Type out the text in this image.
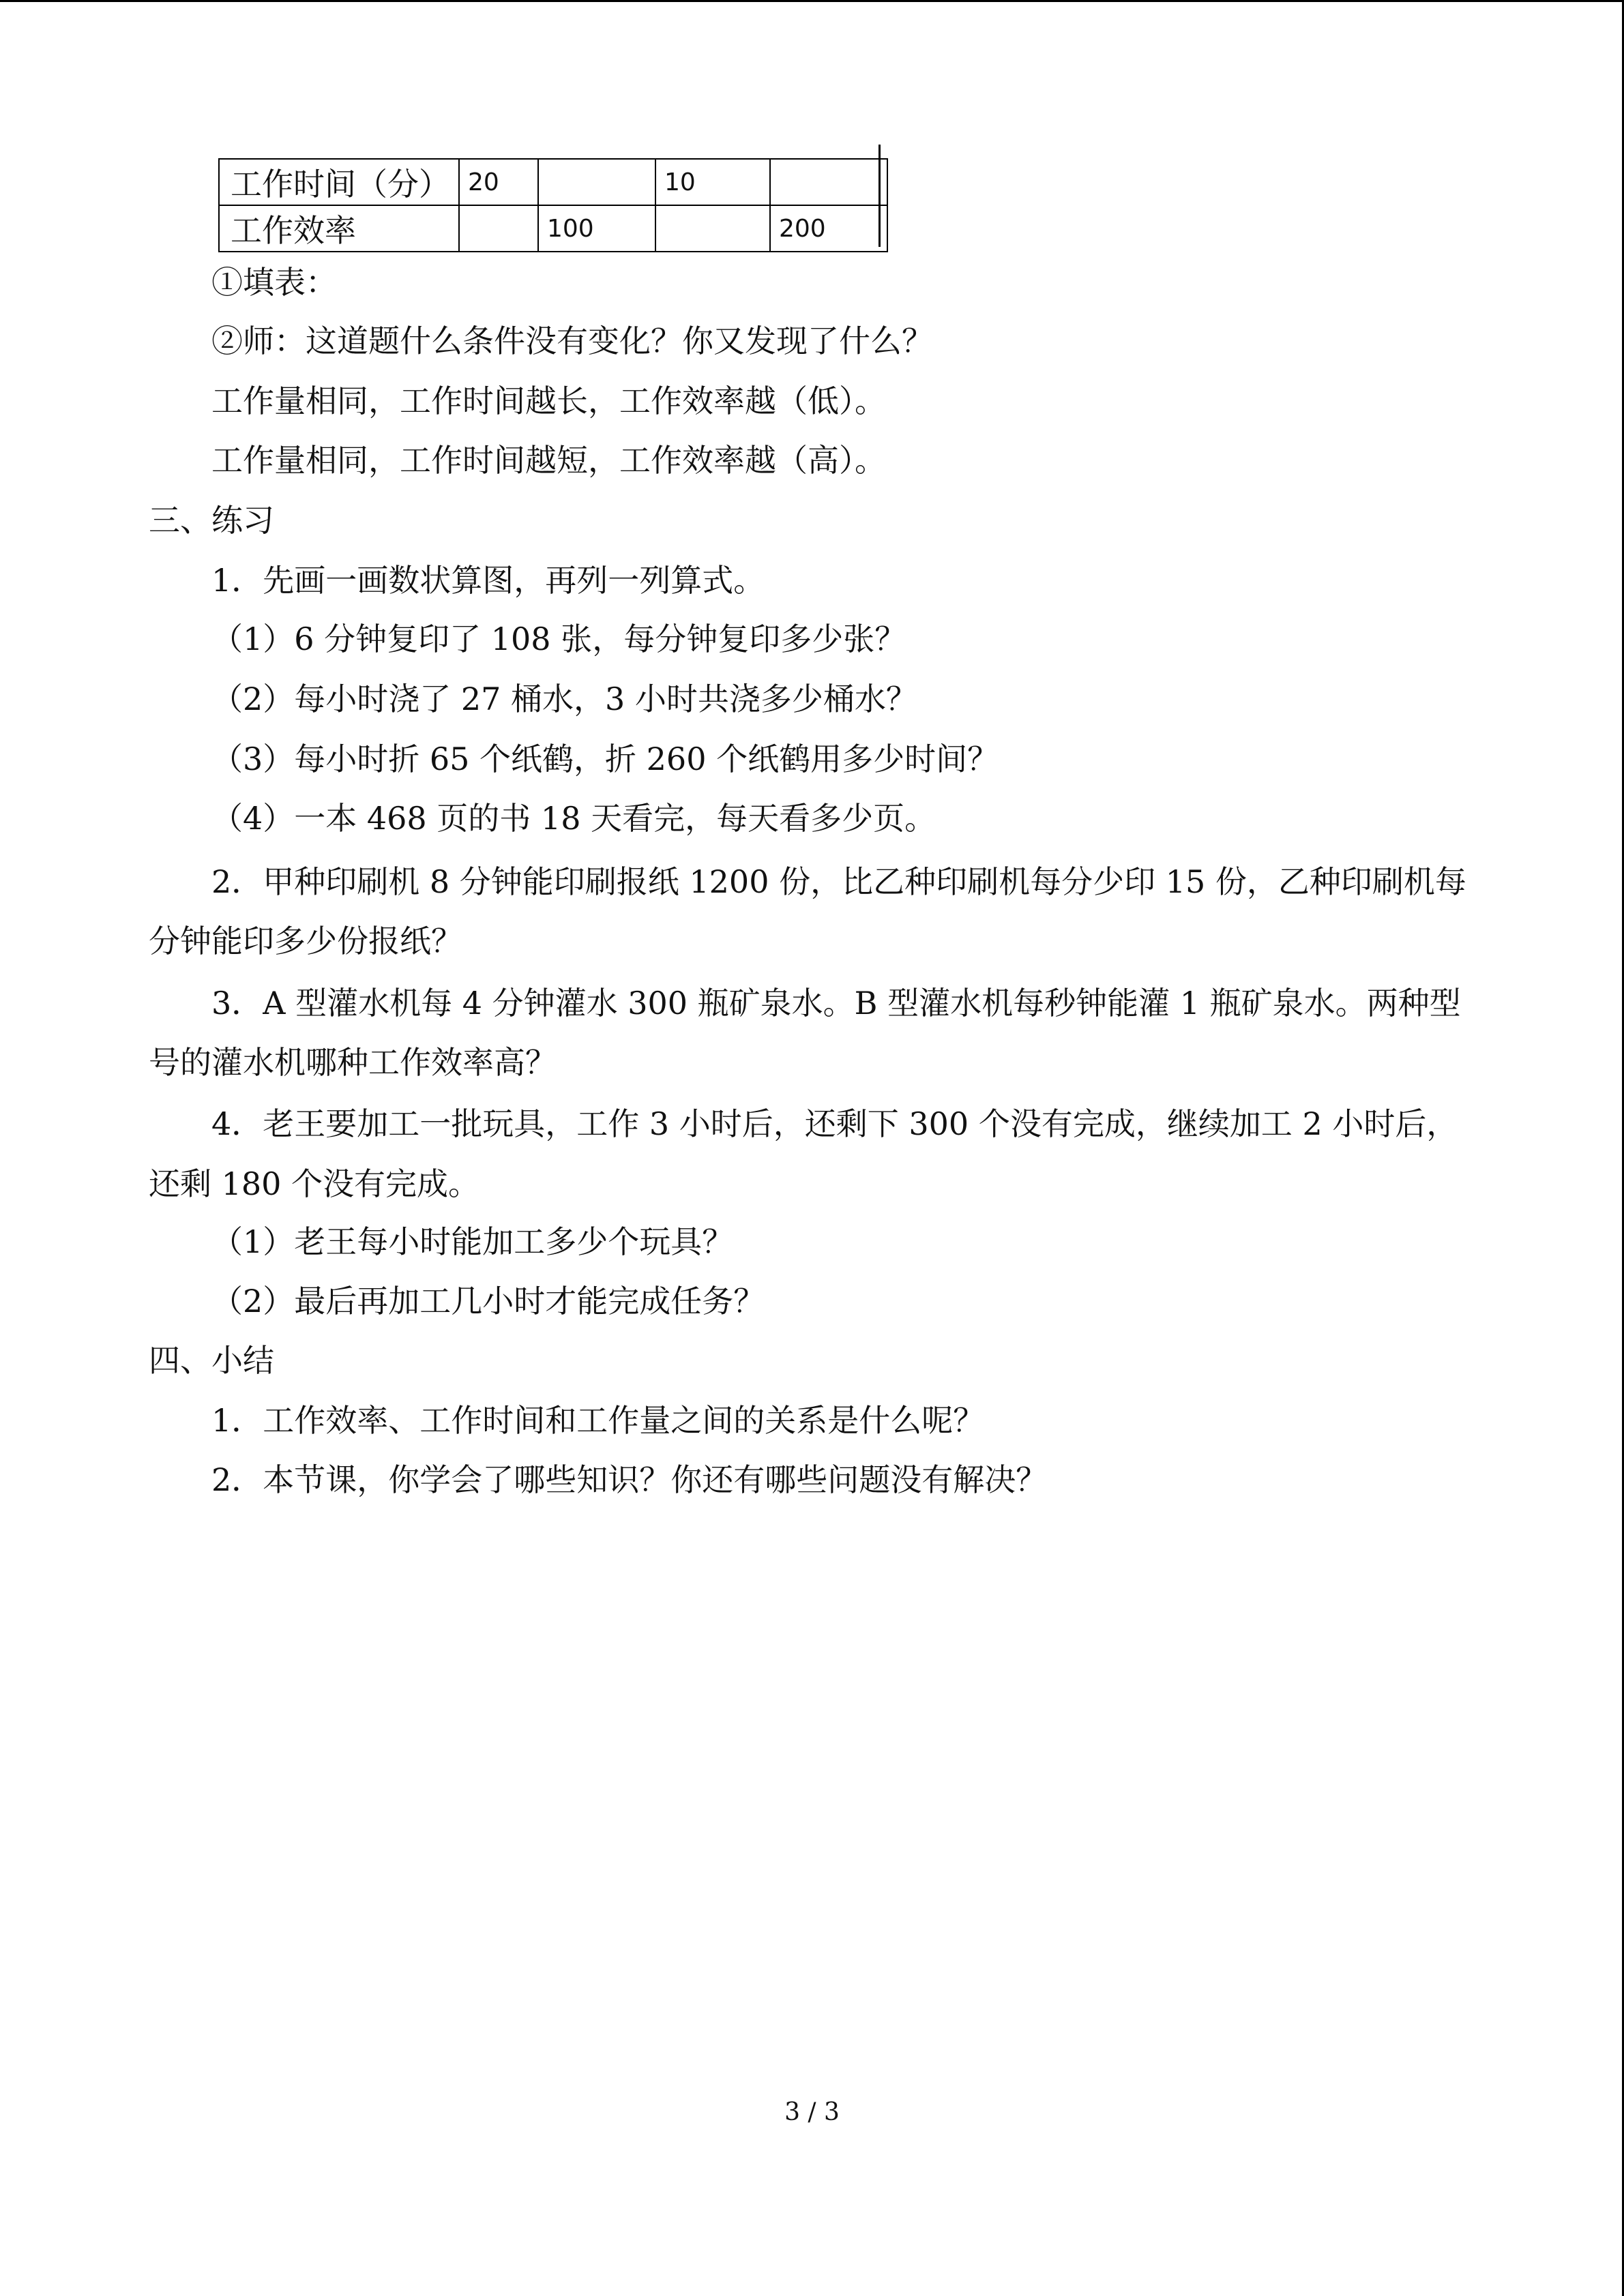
工作时间（分）	20		10	
工作效率		100		200
①填表：
②师：这道题什么条件没有变化？你又发现了什么？
工作量相同，工作时间越长，工作效率越（低）。
工作量相同，工作时间越短，工作效率越（高）。
三、练习
1．先画一画数状算图，再列一列算式。
（1）6 分钟复印了 108 张，每分钟复印多少张？
（2）每小时浇了 27 桶水，3 小时共浇多少桶水？
（3）每小时折 65 个纸鹤，折 260 个纸鹤用多少时间？
（4）一本 468 页的书 18 天看完，每天看多少页。
2．甲种印刷机 8 分钟能印刷报纸 1200 份，比乙种印刷机每分少印 15 份，乙种印刷机每
分钟能印多少份报纸？
3．A 型灌水机每 4 分钟灌水 300 瓶矿泉水。B 型灌水机每秒钟能灌 1 瓶矿泉水。两种型
号的灌水机哪种工作效率高？
4．老王要加工一批玩具，工作 3 小时后，还剩下 300 个没有完成，继续加工 2 小时后，
还剩 180 个没有完成。
（1）老王每小时能加工多少个玩具？
（2）最后再加工几小时才能完成任务？
四、小结
1．工作效率、工作时间和工作量之间的关系是什么呢？
2．本节课，你学会了哪些知识？你还有哪些问题没有解决？
3 / 3
